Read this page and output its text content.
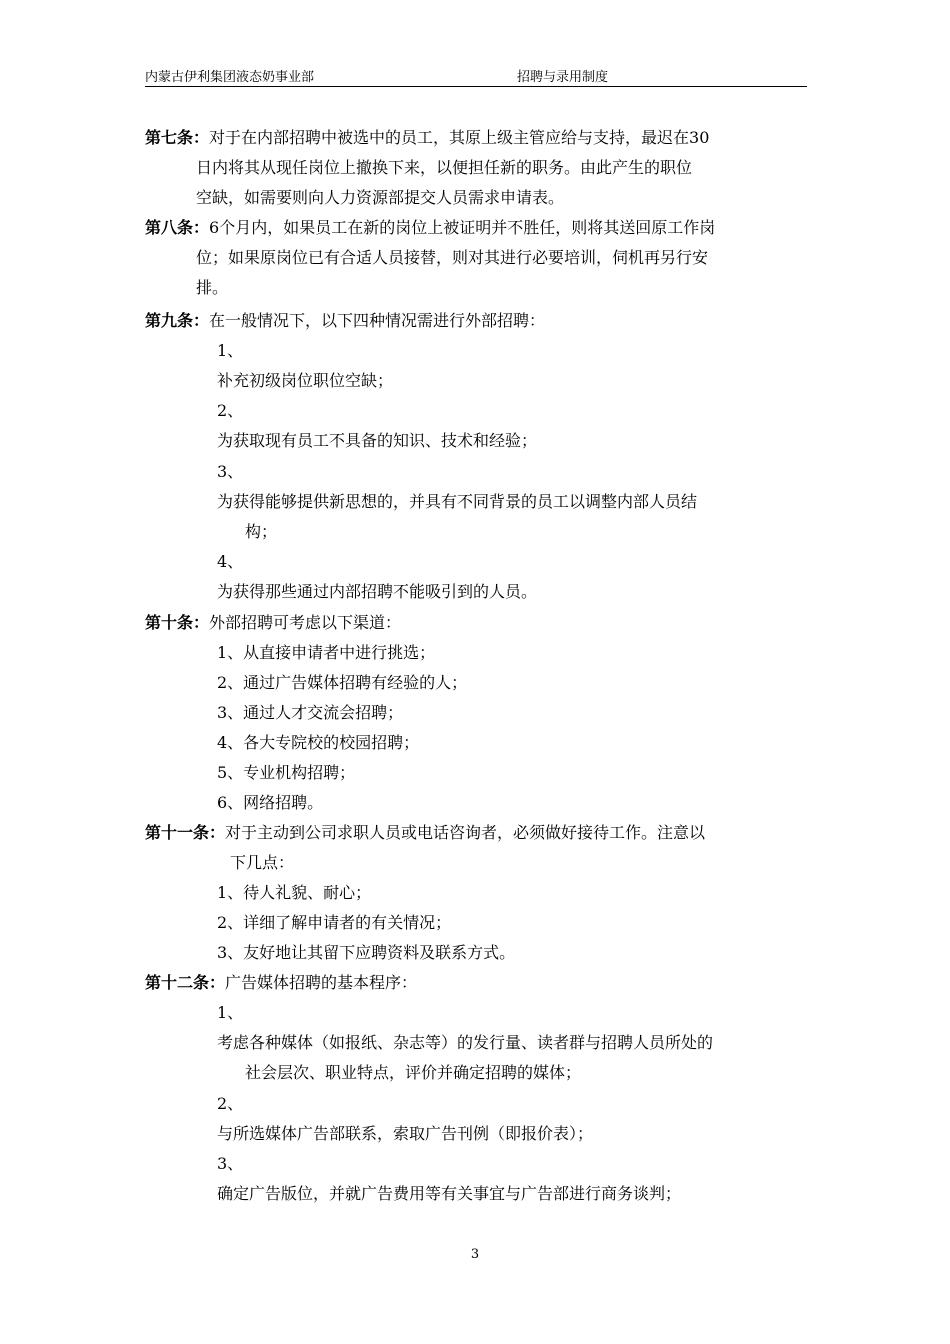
内蒙古伊利集团液态奶事业部	招聘与录用制度
第七条：对于在内部招聘中被选中的员工，其原上级主管应给与支持，最迟在30
日内将其从现任岗位上撤换下来，以便担任新的职务。由此产生的职位
空缺，如需要则向人力资源部提交人员需求申请表。
第八条：6个月内，如果员工在新的岗位上被证明并不胜任，则将其送回原工作岗
位；如果原岗位已有合适人员接替，则对其进行必要培训，伺机再另行安
排。
第九条：在一般情况下，以下四种情况需进行外部招聘：
1、
补充初级岗位职位空缺；
2、
为获取现有员工不具备的知识、技术和经验；
3、
为获得能够提供新思想的，并具有不同背景的员工以调整内部人员结
构；
4、
为获得那些通过内部招聘不能吸引到的人员。
第十条：外部招聘可考虑以下渠道：
1、从直接申请者中进行挑选；
2、通过广告媒体招聘有经验的人；
3、通过人才交流会招聘；
4、各大专院校的校园招聘；
5、专业机构招聘；
6、网络招聘。
第十一条：对于主动到公司求职人员或电话咨询者，必须做好接待工作。注意以
下几点：
1、待人礼貌、耐心；
2、详细了解申请者的有关情况；
3、友好地让其留下应聘资料及联系方式。
第十二条：广告媒体招聘的基本程序：
1、
考虑各种媒体（如报纸、杂志等）的发行量、读者群与招聘人员所处的
社会层次、职业特点，评价并确定招聘的媒体；
2、
与所选媒体广告部联系，索取广告刊例（即报价表）；
3、
确定广告版位，并就广告费用等有关事宜与广告部进行商务谈判；
3
